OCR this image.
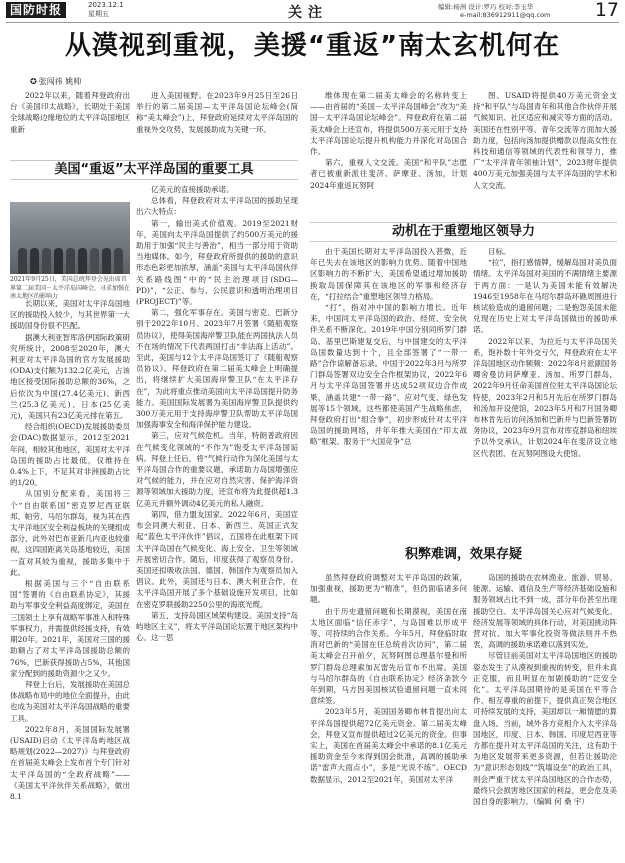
国防时报	2023.12.1
星期五	关注	编辑:杨洲 设计:罗巧 校对:李玉华
e-mail:836912911@qq.com 17
从漠视到重视，美援“重返”南太玄机何在
✪ 张闯祎 姚帅

2022年以来，随着拜登政府出台《美国印太战略》，长期处于美国全球战略边缘地位的太平洋岛国地区重新

美国“重返”太平洋岛国的重要工具
2021年9月25日，美国总统拜登会见出席首界第二届美国－太平洋岛国峰会，寻求加强在南太地区的影响力

长期以来，美国对太平洋岛国地区的援助投入较少，与其世界第一大援助国身份很不匹配。

据澳大利亚智库洛伊国际政策研究所统计，2008至2020年，澳大利亚对太平洋岛国的官方发展援助(ODA)支付额为132.2亿美元，占该地区接受国际援助总额的36%，之后依次为中国(27.4亿美元)、新西兰(25.3亿美元)、日本(25亿美元)，美国只有23亿美元排在第五。

经合组织(OECD)发展援助委员会(DAC)数据显示，2012至2021年间，相较其他地区，美国对太平洋岛国的援助占比最低，仅维持在0.4%上下，不足其对非洲援助占比的1/20。

从国别分配来看，美国将三个“自由联系国”密克罗尼西亚联邦、帕劳、马绍尔群岛，视为其在西太平洋地区安全利益板块的关键组成部分，此外对巴布亚新几内亚也较重视，这四国距离关岛基地较近，美国一直对其较为重视，援助多集中于此。

根据美国与三个“自由联系国”签署的《自由联系协定》，其援助与军事安全利益高度绑定，美国在三国领土上享有战略军事准入和特殊军事权力，并需提供经援支持，有效期20年。2021年，美国对三国的援助额占了对太平洋岛国援助总额的76%，巴新获得援助占5%，其他国家分配到的援助资源少之又少。

拜登上台后，发展援助在美国总体战略布局中的地位全面提升，由此也成为美国对太平洋岛国战略的重要工具。

2022年8月，美国国际发展署(USAID)启动《太平洋岛屿地区战略规划(2022—2027)》与拜登政府在首届美太峰会上发布首个专门针对太平洋岛国的“全政府战略”——《美国太平洋伙伴关系战略》，做出8.1

进入美国视野。在2023年9月25日至26日举行的第二届美国—太平洋岛国论坛峰会(简称“美太峰会”)上，拜登政府延续对太平洋岛国的重视外交攻势，发展援助成为关键一环。

亿美元的直接援助承诺。

总体看，拜登政府对太平洋岛国的援助呈现出六大特点：

第一，输出美式价值观。2019至2021财年，美国向太平洋岛国提供了约500万美元的援助用于加强“民主与善治”，相当一部分用于资助当地媒体。如今，拜登政府所提供的援助的意识形态色彩更加浓厚，涵盖“美国与太平洋岛国伙伴关系路线图”中的“民主治理项目(SDG—PD)”，“公正、参与、公民意识和透明治理项目(PROJECT)”等。

第二，强化军事存在。美国与密克、巴新分别于2022年10月、2023年7月签署《随船观察员协议》，使得美国海岸警卫队能在两国执法人员不在场的情况下代表两国打击“非法海上活动”。至此，美国与12个太平洋岛国签订了《随船观察员协议》。拜登政府在第二届美太峰会上明确提出，将继续扩大美国海岸警卫队“在太平洋存在”，为此将重点推动美国向太平洋岛国提升防务能力。美国国际发展署为美国海岸警卫队提供约300万美元用于支持海岸警卫队帮助太平洋岛国加强海事安全和海洋保护能力建设。

第三，应对气候危机。当年，特朗普政府因在气候变化领域的“不作为”饱受太平洋岛国诟病。拜登上任后，将“气候行动作为深化美国与太平洋岛国合作的重要议题，承诺助力岛国增强应对气候的能力，并在应对自然灾害、保护海洋资源等领域加大援助力度，还宣布将为此提供超1.3亿美元并额外调动4亿美元的私人融资。

第四，借力盟友国家。2022年6月，美国宣布会同澳大利亚、日本、新西兰、英国正式发起“蓝色太平洋伙伴”倡议，五国将在此框架下同太平洋岛国在气候变化、海上安全、卫生等领域开展密切合作。随后，印度获得了观察员身份。美国还拟吸收法国、德国、韩国作为观察员加入倡议。此外，美国还与日本、澳大利亚合作，在太平洋岛国开展了多个基础设施开发项目，比如在密克罗联援助2250公里的海底光缆。

第五，支持岛国区域架构建设。美国支持“岛屿地区主义”，将太平洋岛国论坛置于地区架构中心。这一思

维体现在第二届美太峰会的名称转变上——由首届的“美国－太平洋岛国峰会”改为“美国－太平洋岛国论坛峰会”。拜登政府在第二届美太峰会上还宣布，将提供500万美元用于支持太平洋岛国论坛提升机构能力并深化对岛国合作。

第六，重视人文交流。美国“和平队”志愿者已被重新派往斐济、萨摩亚、汤加，计划2024年重返瓦努阿

图。USAID将提供40万美元资金支持“和平队”与岛国青年和其他合作伙伴开展气候知识、社区适应和减灾等方面的活动。美国还在性别平等、青年交流等方面加大援助力度，包括向汤加提供赠款以提高女性在科技和通信等领域的代表性和领导力，推广“太平洋青年领袖计划”，2023财年提供400万美元加强美国与太平洋岛国的学术和人文交流。

动机在于重塑地区领导力

由于美国长期对太平洋岛国投入甚微，近年已失去在该地区的影响力优势。随着中国地区影响力的不断扩大，美国希望通过增加援助换取岛国保障其在该地区的军事和经济存在，“打拉结合”重塑地区领导力格局。

“打”，指对冲中国的影响力增长。近年来，中国同太平洋岛国的政治、经贸、安全伙伴关系不断深化。2019年中国分别同所罗门群岛、基里巴斯建复交后，与中国建交的太平洋岛国数量达到十个，且全部签署了“一带一路”合作谅解备忘录。中国于2022年3月与所罗门群岛签署双边安全合作框架协议，2022年6月与太平洋岛国签署并达成52项双边合作成果，涵盖共建“一带一路”、应对气变、绿色发展等15个领域。这些都使美国产生战略焦虑，拜登政府打出“组合拳”，初步形成针对太平洋岛国的援助网络，并年年推大美国在“印太战略”框架、服务于“大国竞争”总

目标。

“拉”，指打感情牌，缓解岛国对美负面情绪。太平洋岛国对美国的不满情绪主要源于两方面：一是认为美国未能有效解决1946至1958年在马绍尔群岛环礁周围进行核试验造成的遗留问题；二是抱怨美国未能兑现在历史上对太平洋岛国做出的援助承诺。

2022年以来，为拉近与太平洋岛国关系，饱补数十年外交亏欠，拜登政府在太平洋岛国地区动作频频：2022年8月派副国务卿舍曼访问萨摩亚、汤加、所罗门群岛，2022年9月任命美国首位驻太平洋岛国论坛特使，2023年2月和5月先后在所罗门群岛和汤加开设使馆，2023年5月和7月国务卿布林肯先后访问汤加和巴新并与巴新签署防务协议，2023年9月宣布对库克群岛和纽埃予以外交承认，计划2024年在斐济设立地区代表团、在瓦努阿图设大使馆。

积弊难调，效果存疑

虽然拜登政府调整对太平洋岛国的政策，加强重视，援助更为“精准”，但仍面临诸多问题。

由于历史遗留问题和长期漠视，美国在南太地区面临“信任赤字”，与岛国难以形成平等、可持续的合作关系。今年5月，拜登临时取消对巴新的“美国在任总统首次访问”，第二届美太峰会召开前夕，瓦努阿图总理基尔曼和所罗门群岛总理索加瓦雷先后宣布不出席。美国与马绍尔群岛的《自由联系协定》经济条款今年到期，马方因美国核试验遗留问题一直未同意续签。

2023年5月，美国国务卿布林肯提出向太平洋岛国提供超72亿美元资金。第二届美太峰会，拜登又宣布提供超过2亿美元的资金。但事实上，美国在首届美太峰会中承诺的8.1亿美元援助资金至今未得到国会批准，高调的援助承诺“雷声大雨点小”，多是“光说不练”。OECD数据显示，2012至2021年，美国对太平洋

岛国的援助在农林渔业、旅游、贸易、能源、运输、通信及生产等经济基础设施和服务领域占比不到一成，部分年份甚至出现援助空白。太平洋岛国关心应对气候变化、经济发展等领域的具体行动，对美国挑动阵营对抗、加大军事化投资等做法则并不热衷，高调的援助承诺难以落到实处。

尽管目前美国对太平洋岛国地区的援助姿态发生了从漠视到重视的转变，但并未真正克服，而且明显在加剧援助的“泛安全化”。太平洋岛国期待的是美国在平等合作、相互尊重的前提下，提供真正契合地区可持续发展的支持，美国却以一厢情愿的算盘入场。当前，域外各方竞相介入太平洋岛国地区，印度、日本、韩国、印度尼西亚等方都在提升对太平洋岛国的关注，这有助于为地区发展带来更多资源，但若让援助沦为“意识形态划线”“筑墙设垒”的政治工具，则会严重干扰太平洋岛国地区的合作态势，最终只会损害地区国家的利益，更会危及美国自身的影响力。（编辑 何 桑 宇）
